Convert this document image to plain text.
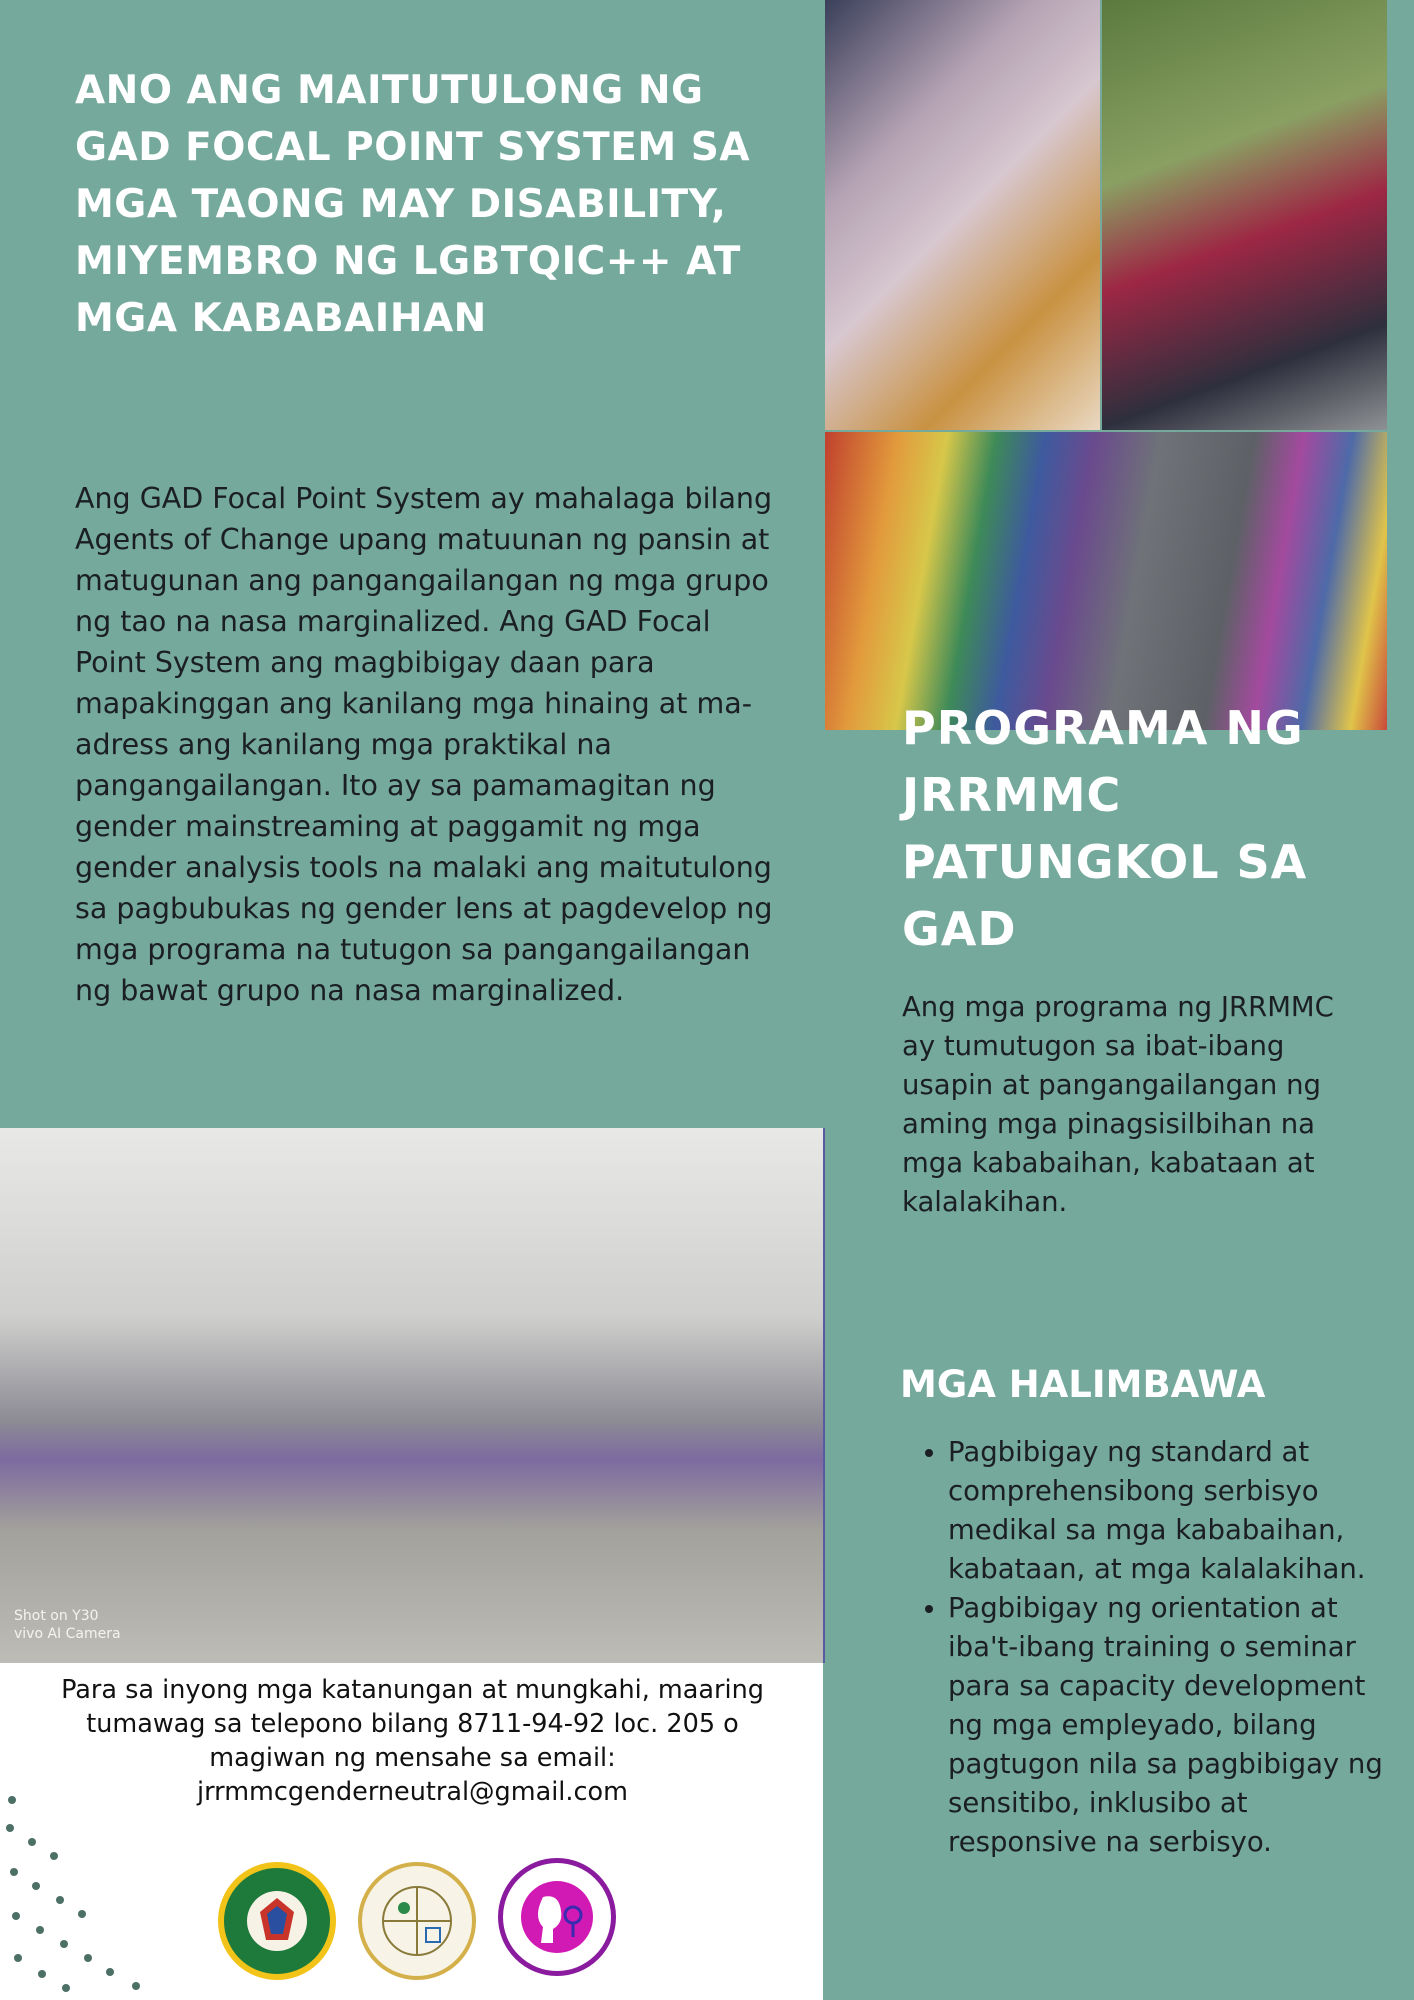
ANO ANG MAITUTULONG NG
GAD FOCAL POINT SYSTEM SA
MGA TAONG MAY DISABILITY,
MIYEMBRO NG LGBTQIC++ AT
MGA KABABAIHAN
Ang GAD Focal Point System ay mahalaga bilang Agents of Change upang matuunan ng pansin at matugunan ang pangangailangan ng mga grupo ng tao na nasa marginalized. Ang GAD Focal Point System ang magbibigay daan para mapakinggan ang kanilang mga hinaing at ma-adress ang kanilang mga praktikal na pangangailangan. Ito ay sa pamamagitan ng gender mainstreaming at paggamit ng mga gender analysis tools na malaki ang maitutulong sa pagbubukas ng gender lens at pagdevelop ng mga programa na tutugon sa pangangailangan ng bawat grupo na nasa marginalized.
PROGRAMA NG
JRRMMC
PATUNGKOL SA
GAD
Ang mga programa ng JRRMMC ay tumutugon sa ibat-ibang usapin at pangangailangan ng aming mga pinagsisilbihan na mga kababaihan, kabataan at kalalakihan.
MGA HALIMBAWA
• Pagbibigay ng standard at comprehensibong serbisyo medikal sa mga kababaihan, kabataan, at mga kalalakihan.
• Pagbibigay ng orientation at iba't-ibang training o seminar para sa capacity development ng mga empleyado, bilang pagtugon nila sa pagbibigay ng sensitibo, inklusibo at responsive na serbisyo.
Shot on Y30
vivo AI Camera
Para sa inyong mga katanungan at mungkahi, maaring
tumawag sa telepono bilang 8711-94-92 loc. 205 o
magiwan ng mensahe sa email:
jrrmmcgenderneutral@gmail.com
